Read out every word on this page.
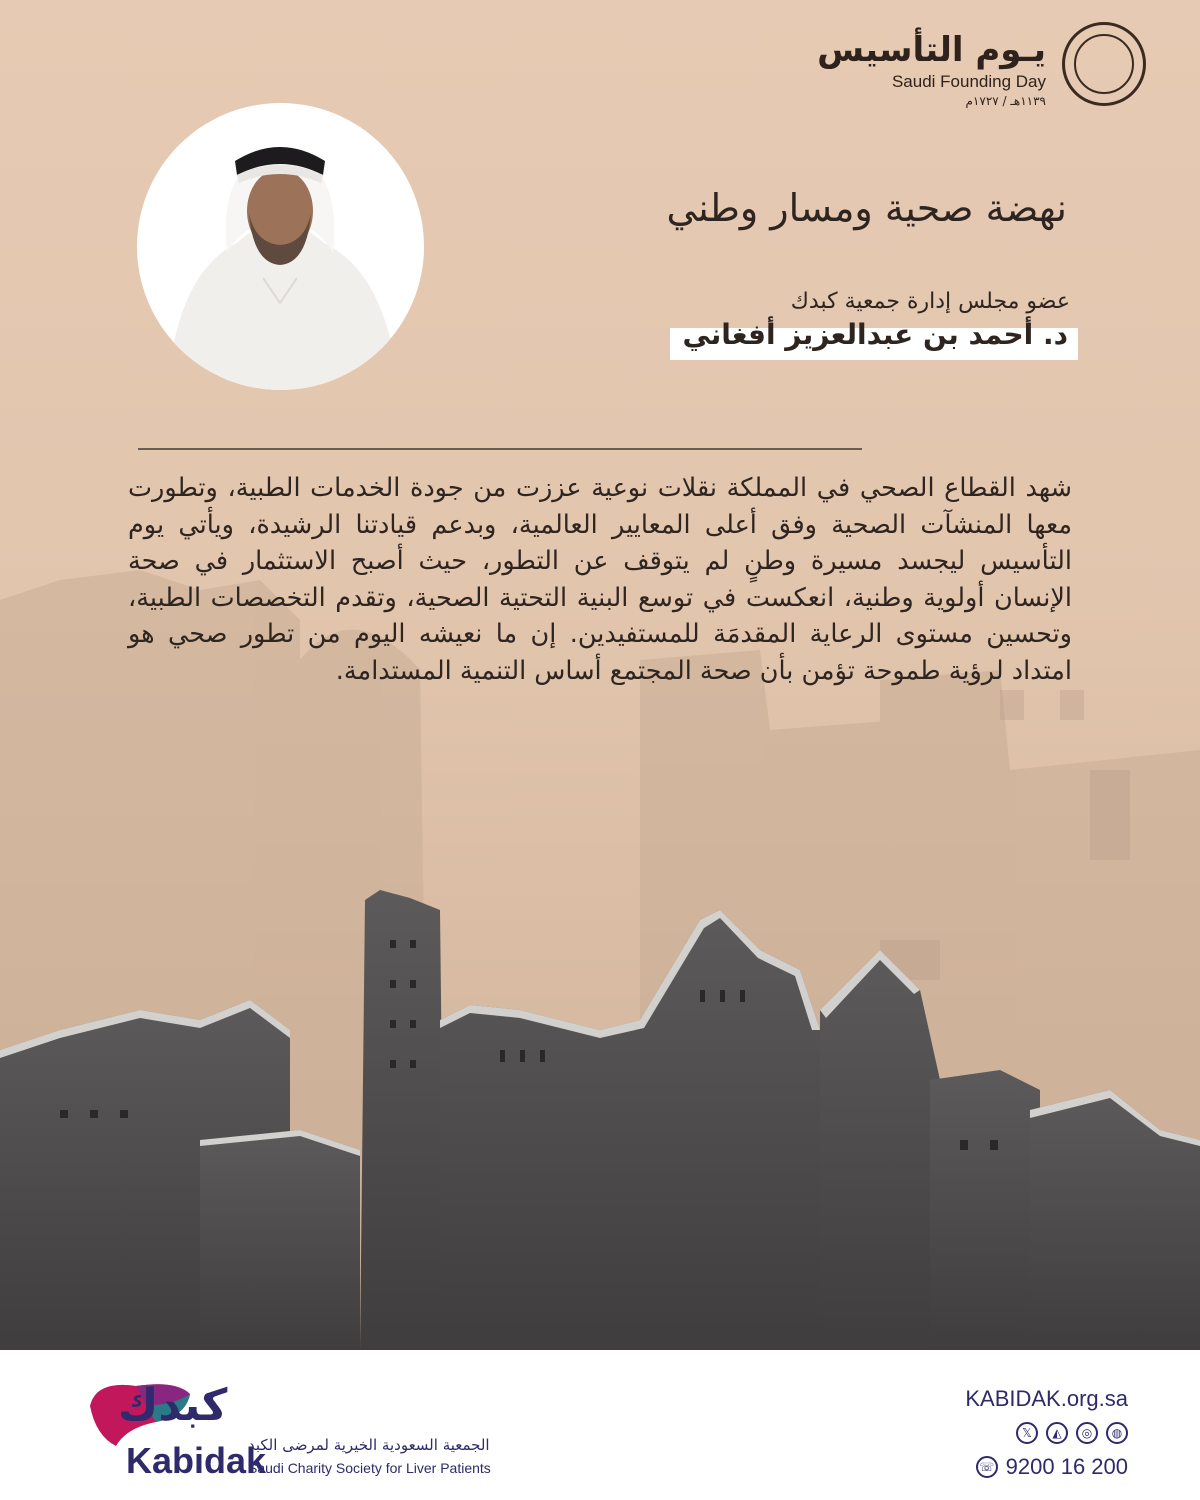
يـوم التأسيس
Saudi Founding Day
١١٣٩هـ / ١٧٢٧م
نهضة صحية ومسار وطني
عضو مجلس إدارة جمعية كبدك
د. أحمد بن عبدالعزيز أفغاني
شهد القطاع الصحي في المملكة نقلات نوعية عززت من جودة الخدمات الطبية، وتطورت معها المنشآت الصحية وفق أعلى المعايير العالمية، وبدعم قيادتنا الرشيدة، ويأتي يوم التأسيس ليجسد مسيرة وطنٍ لم يتوقف عن التطور، حيث أصبح الاستثمار في صحة الإنسان أولوية وطنية، انعكست في توسع البنية التحتية الصحية، وتقدم التخصصات الطبية، وتحسين مستوى الرعاية المقدمَة للمستفيدين. إن ما نعيشه اليوم من تطور صحي هو امتداد لرؤية طموحة تؤمن بأن صحة المجتمع أساس التنمية المستدامة.
كبدك
Kabidak
الجمعية السعودية الخيرية لمرضى الكبد
Saudi Charity Society for Liver Patients
KABIDAK.org.sa
𝕏	◭	◎	◍
☏ 9200 16 200
